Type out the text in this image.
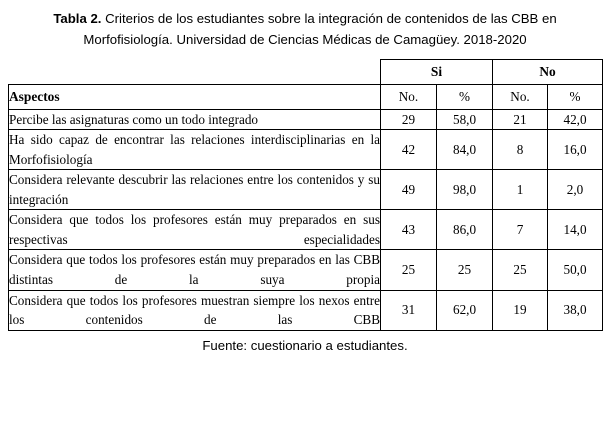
Tabla 2. Criterios de los estudiantes sobre la integración de contenidos de las CBB en Morfofisiología. Universidad de Ciencias Médicas de Camagüey. 2018-2020
	Si		No	
Aspectos	No.	%	No.	%
Percibe las asignaturas como un todo integrado	29	58,0	21	42,0
Ha sido capaz de encontrar las relaciones interdisciplinarias en la Morfofisiología	42	84,0	8	16,0
Considera relevante descubrir las relaciones entre los contenidos y su integración	49	98,0	1	2,0
Considera que todos los profesores están muy preparados en sus respectivas especialidades	43	86,0	7	14,0
Considera que todos los profesores están muy preparados en las CBB distintas de la suya propia	25	25	25	50,0
Considera que todos los profesores muestran siempre los nexos entre los contenidos de las CBB	31	62,0	19	38,0
Fuente: cuestionario a estudiantes.
